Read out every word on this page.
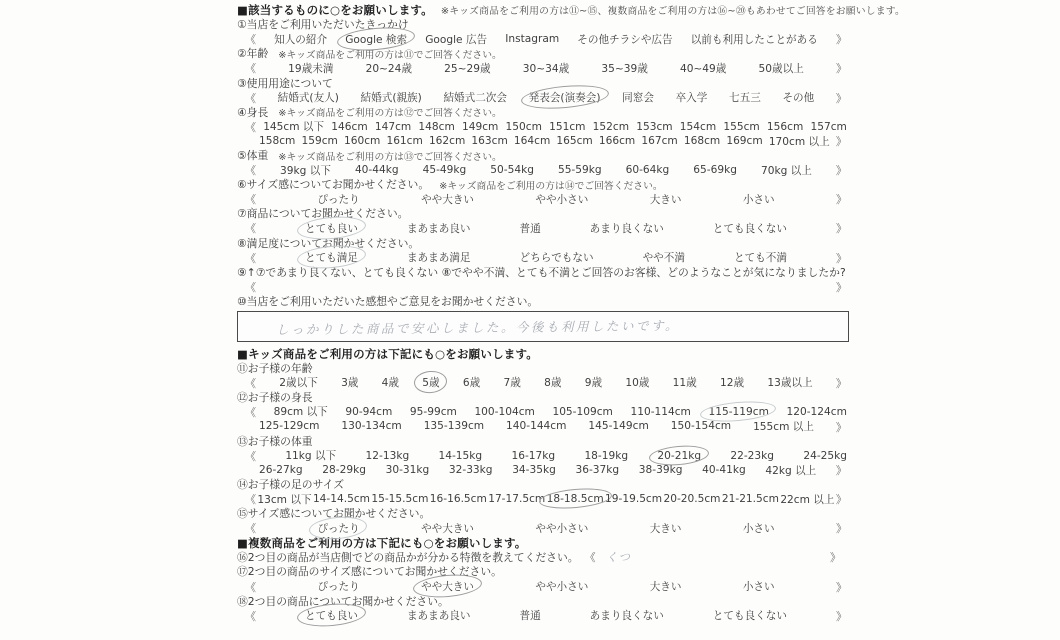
■該当するものに○をお願いします。 ※キッズ商品をご利用の方は⑪~⑮、複数商品をご利用の方は⑯~⑳もあわせてご回答をお願いします。
①当店をご利用いただいたきっかけ
《 知人の紹介 Google 検索 Google 広告 Instagram その他チラシや広告 以前も利用したことがある 》
②年齢 ※キッズ商品をご利用の方は⑪でご回答ください。
《	19歳未満	20~24歳	25~29歳	30~34歳	35~39歳	40~49歳	50歳以上	》
③使用用途について
《 結婚式(友人) 結婚式(親族) 結婚式二次会 発表会(演奏会) 同窓会 卒入学 七五三 その他 》
④身長 ※キッズ商品をご利用の方は⑫でご回答ください。
《 145cm 以下 146cm 147cm 148cm 149cm 150cm 151cm 152cm 153cm 154cm 155cm 156cm 157cm
158cm 159cm 160cm 161cm 162cm 163cm 164cm 165cm 166cm 167cm 168cm 169cm 170cm 以上 》
⑤体重 ※キッズ商品をご利用の方は⑬でご回答ください。
《 39kg 以下 40-44kg 45-49kg 50-54kg 55-59kg 60-64kg 65-69kg 70kg 以上 》
⑥サイズ感についてお聞かせください。 ※キッズ商品をご利用の方は⑭でご回答ください。
《	ぴったり	やや大きい	やや小さい	大きい	小さい	》
⑦商品についてお聞かせください。
《	とても良い	まあまあ良い	普通	あまり良くない	とても良くない	》
⑧満足度についてお聞かせください。
《	とても満足	まあまあ満足	どちらでもない	やや不満	とても不満	》
⑨↑⑦であまり良くない、とても良くない ⑧でやや不満、とても不満とご回答のお客様、どのようなことが気になりましたか?
《	》
⑩当店をご利用いただいた感想やご意見をお聞かせください。
しっかりした商品で安心しました。今後も利用したいです。
■キッズ商品をご利用の方は下記にも○をお願いします。
⑪お子様の年齢
《 2歳以下 3歳 4歳 5歳 6歳 7歳 8歳 9歳 10歳 11歳 12歳 13歳以上 》
⑫お子様の身長
《 89cm 以下 90-94cm 95-99cm 100-104cm 105-109cm 110-114cm 115-119cm 120-124cm
125-129cm 130-134cm 135-139cm 140-144cm 145-149cm 150-154cm 155cm 以上 》
⑬お子様の体重
《	11kg 以下	12-13kg	14-15kg	16-17kg	18-19kg	20-21kg	22-23kg	24-25kg
26-27kg 28-29kg 30-31kg 32-33kg 34-35kg 36-37kg 38-39kg 40-41kg 42kg 以上 》
⑭お子様の足のサイズ
《 13cm 以下 14-14.5cm 15-15.5cm 16-16.5cm 17-17.5cm 18-18.5cm 19-19.5cm 20-20.5cm 21-21.5cm 22cm 以上 》
⑮サイズ感についてお聞かせください。
《	ぴったり	やや大きい	やや小さい	大きい	小さい	》
■複数商品をご利用の方は下記にも○をお願いします。
⑯2つ目の商品が当店側でどの商品かが分かる特徴を教えてください。 《 くつ	》
⑰2つ目の商品のサイズ感についてお聞かせください。
《	ぴったり	やや大きい	やや小さい	大きい	小さい	》
⑱2つ目の商品についてお聞かせください。
《	とても良い	まあまあ良い	普通	あまり良くない	とても良くない	》
